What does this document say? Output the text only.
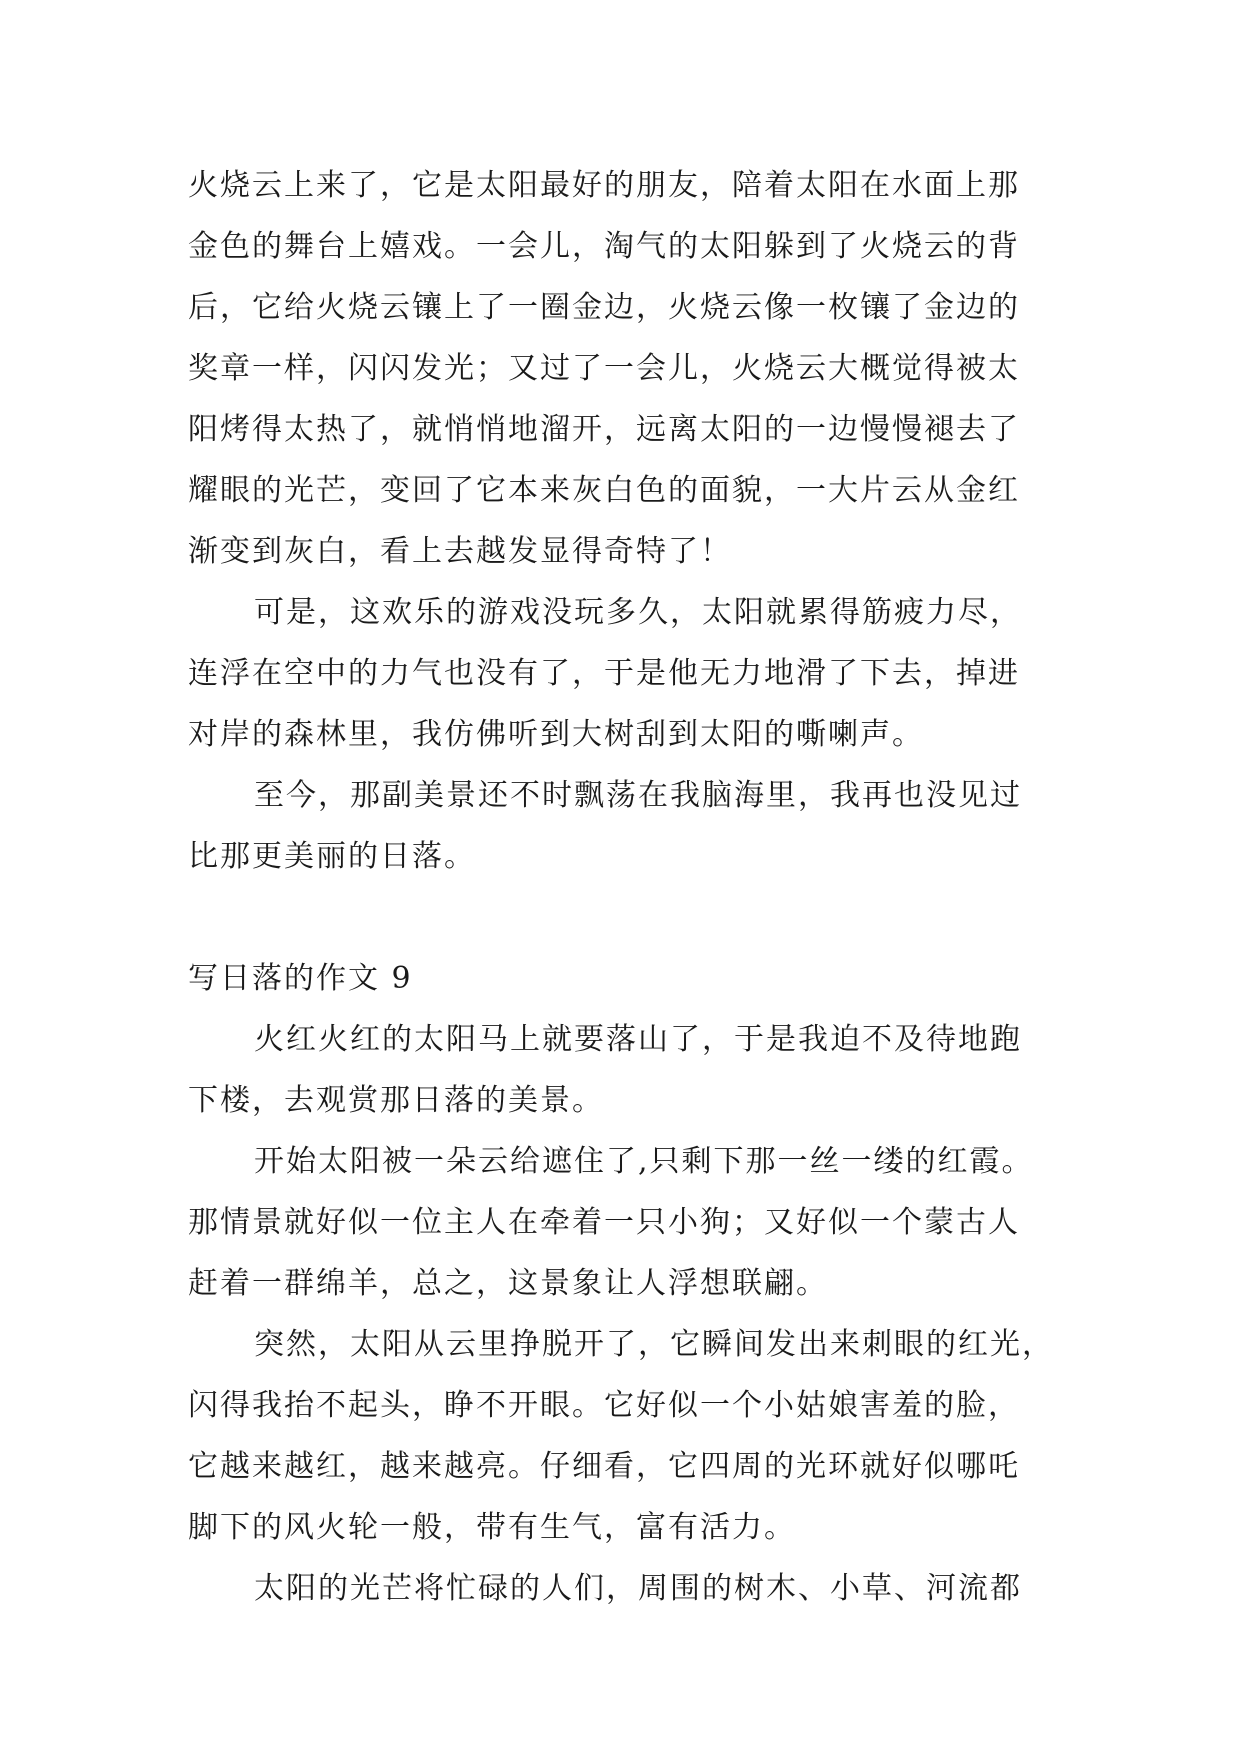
火烧云上来了，它是太阳最好的朋友，陪着太阳在水面上那
金色的舞台上嬉戏。一会儿，淘气的太阳躲到了火烧云的背
后，它给火烧云镶上了一圈金边，火烧云像一枚镶了金边的
奖章一样，闪闪发光；又过了一会儿，火烧云大概觉得被太
阳烤得太热了，就悄悄地溜开，远离太阳的一边慢慢褪去了
耀眼的光芒，变回了它本来灰白色的面貌，一大片云从金红
渐变到灰白，看上去越发显得奇特了！
可是，这欢乐的游戏没玩多久，太阳就累得筋疲力尽，
连浮在空中的力气也没有了，于是他无力地滑了下去，掉进
对岸的森林里，我仿佛听到大树刮到太阳的嘶喇声。
至今，那副美景还不时飘荡在我脑海里，我再也没见过
比那更美丽的日落。
写日落的作文 9
火红火红的太阳马上就要落山了，于是我迫不及待地跑
下楼，去观赏那日落的美景。
开始太阳被一朵云给遮住了,只剩下那一丝一缕的红霞。
那情景就好似一位主人在牵着一只小狗；又好似一个蒙古人
赶着一群绵羊，总之，这景象让人浮想联翩。
突然，太阳从云里挣脱开了，它瞬间发出来刺眼的红光，
闪得我抬不起头，睁不开眼。它好似一个小姑娘害羞的脸，
它越来越红，越来越亮。仔细看，它四周的光环就好似哪吒
脚下的风火轮一般，带有生气，富有活力。
太阳的光芒将忙碌的人们，周围的树木、小草、河流都
